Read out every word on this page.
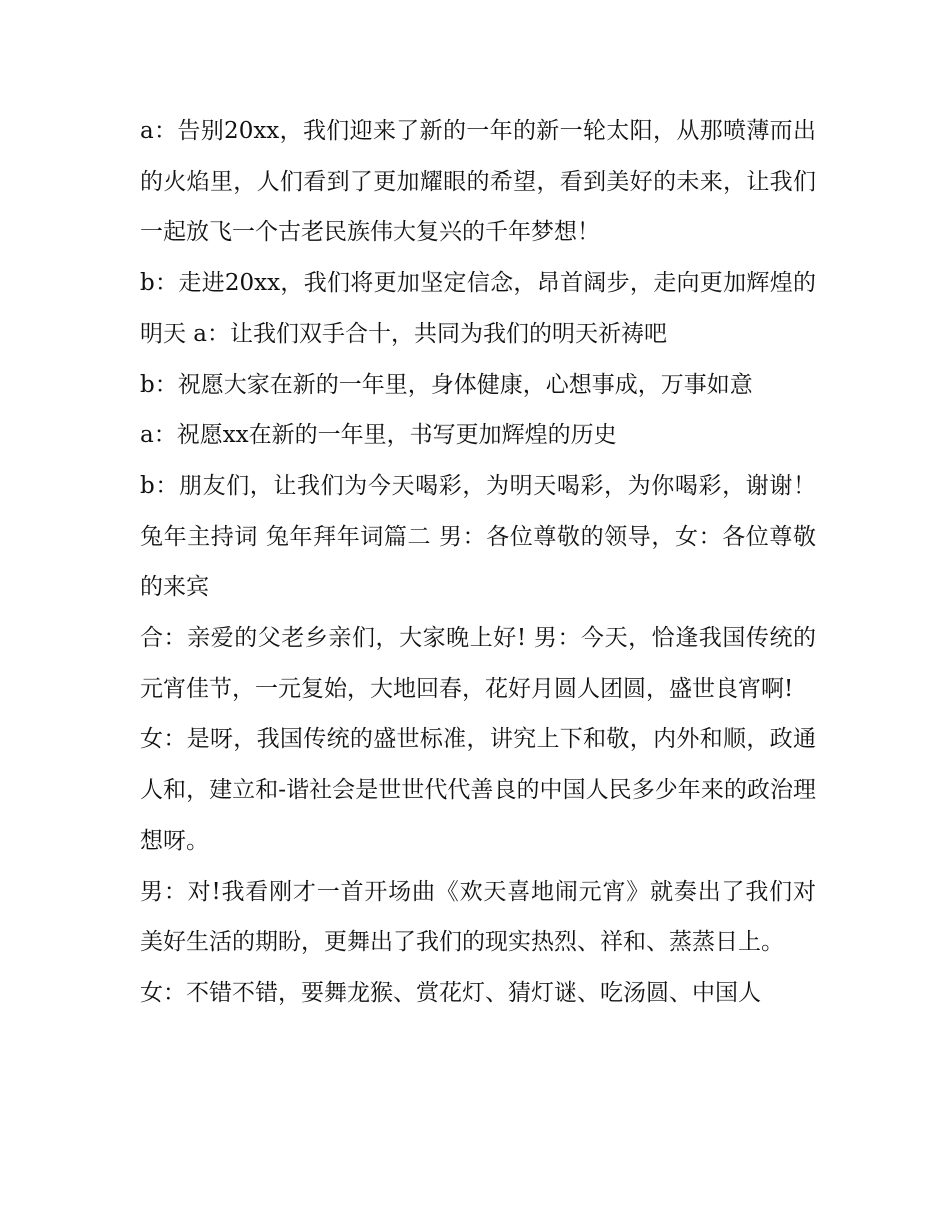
a：告别20xx，我们迎来了新的一年的新一轮太阳，从那喷薄而出的火焰里，人们看到了更加耀眼的希望，看到美好的未来，让我们一起放飞一个古老民族伟大复兴的千年梦想！

b：走进20xx，我们将更加坚定信念，昂首阔步，走向更加辉煌的明天 a：让我们双手合十，共同为我们的明天祈祷吧

b：祝愿大家在新的一年里，身体健康，心想事成，万事如意

a：祝愿xx在新的一年里，书写更加辉煌的历史

b：朋友们，让我们为今天喝彩，为明天喝彩，为你喝彩，谢谢！ 兔年主持词 兔年拜年词篇二 男：各位尊敬的领导，女：各位尊敬的来宾

合：亲爱的父老乡亲们，大家晚上好! 男：今天，恰逢我国传统的元宵佳节，一元复始，大地回春，花好月圆人团圆，盛世良宵啊!

女：是呀，我国传统的盛世标准，讲究上下和敬，内外和顺，政通人和，建立和-谐社会是世世代代善良的中国人民多少年来的政治理想呀。

男：对!我看刚才一首开场曲《欢天喜地闹元宵》就奏出了我们对美好生活的期盼，更舞出了我们的现实热烈、祥和、蒸蒸日上。

女：不错不错，要舞龙猴、赏花灯、猜灯谜、吃汤圆、中国人
